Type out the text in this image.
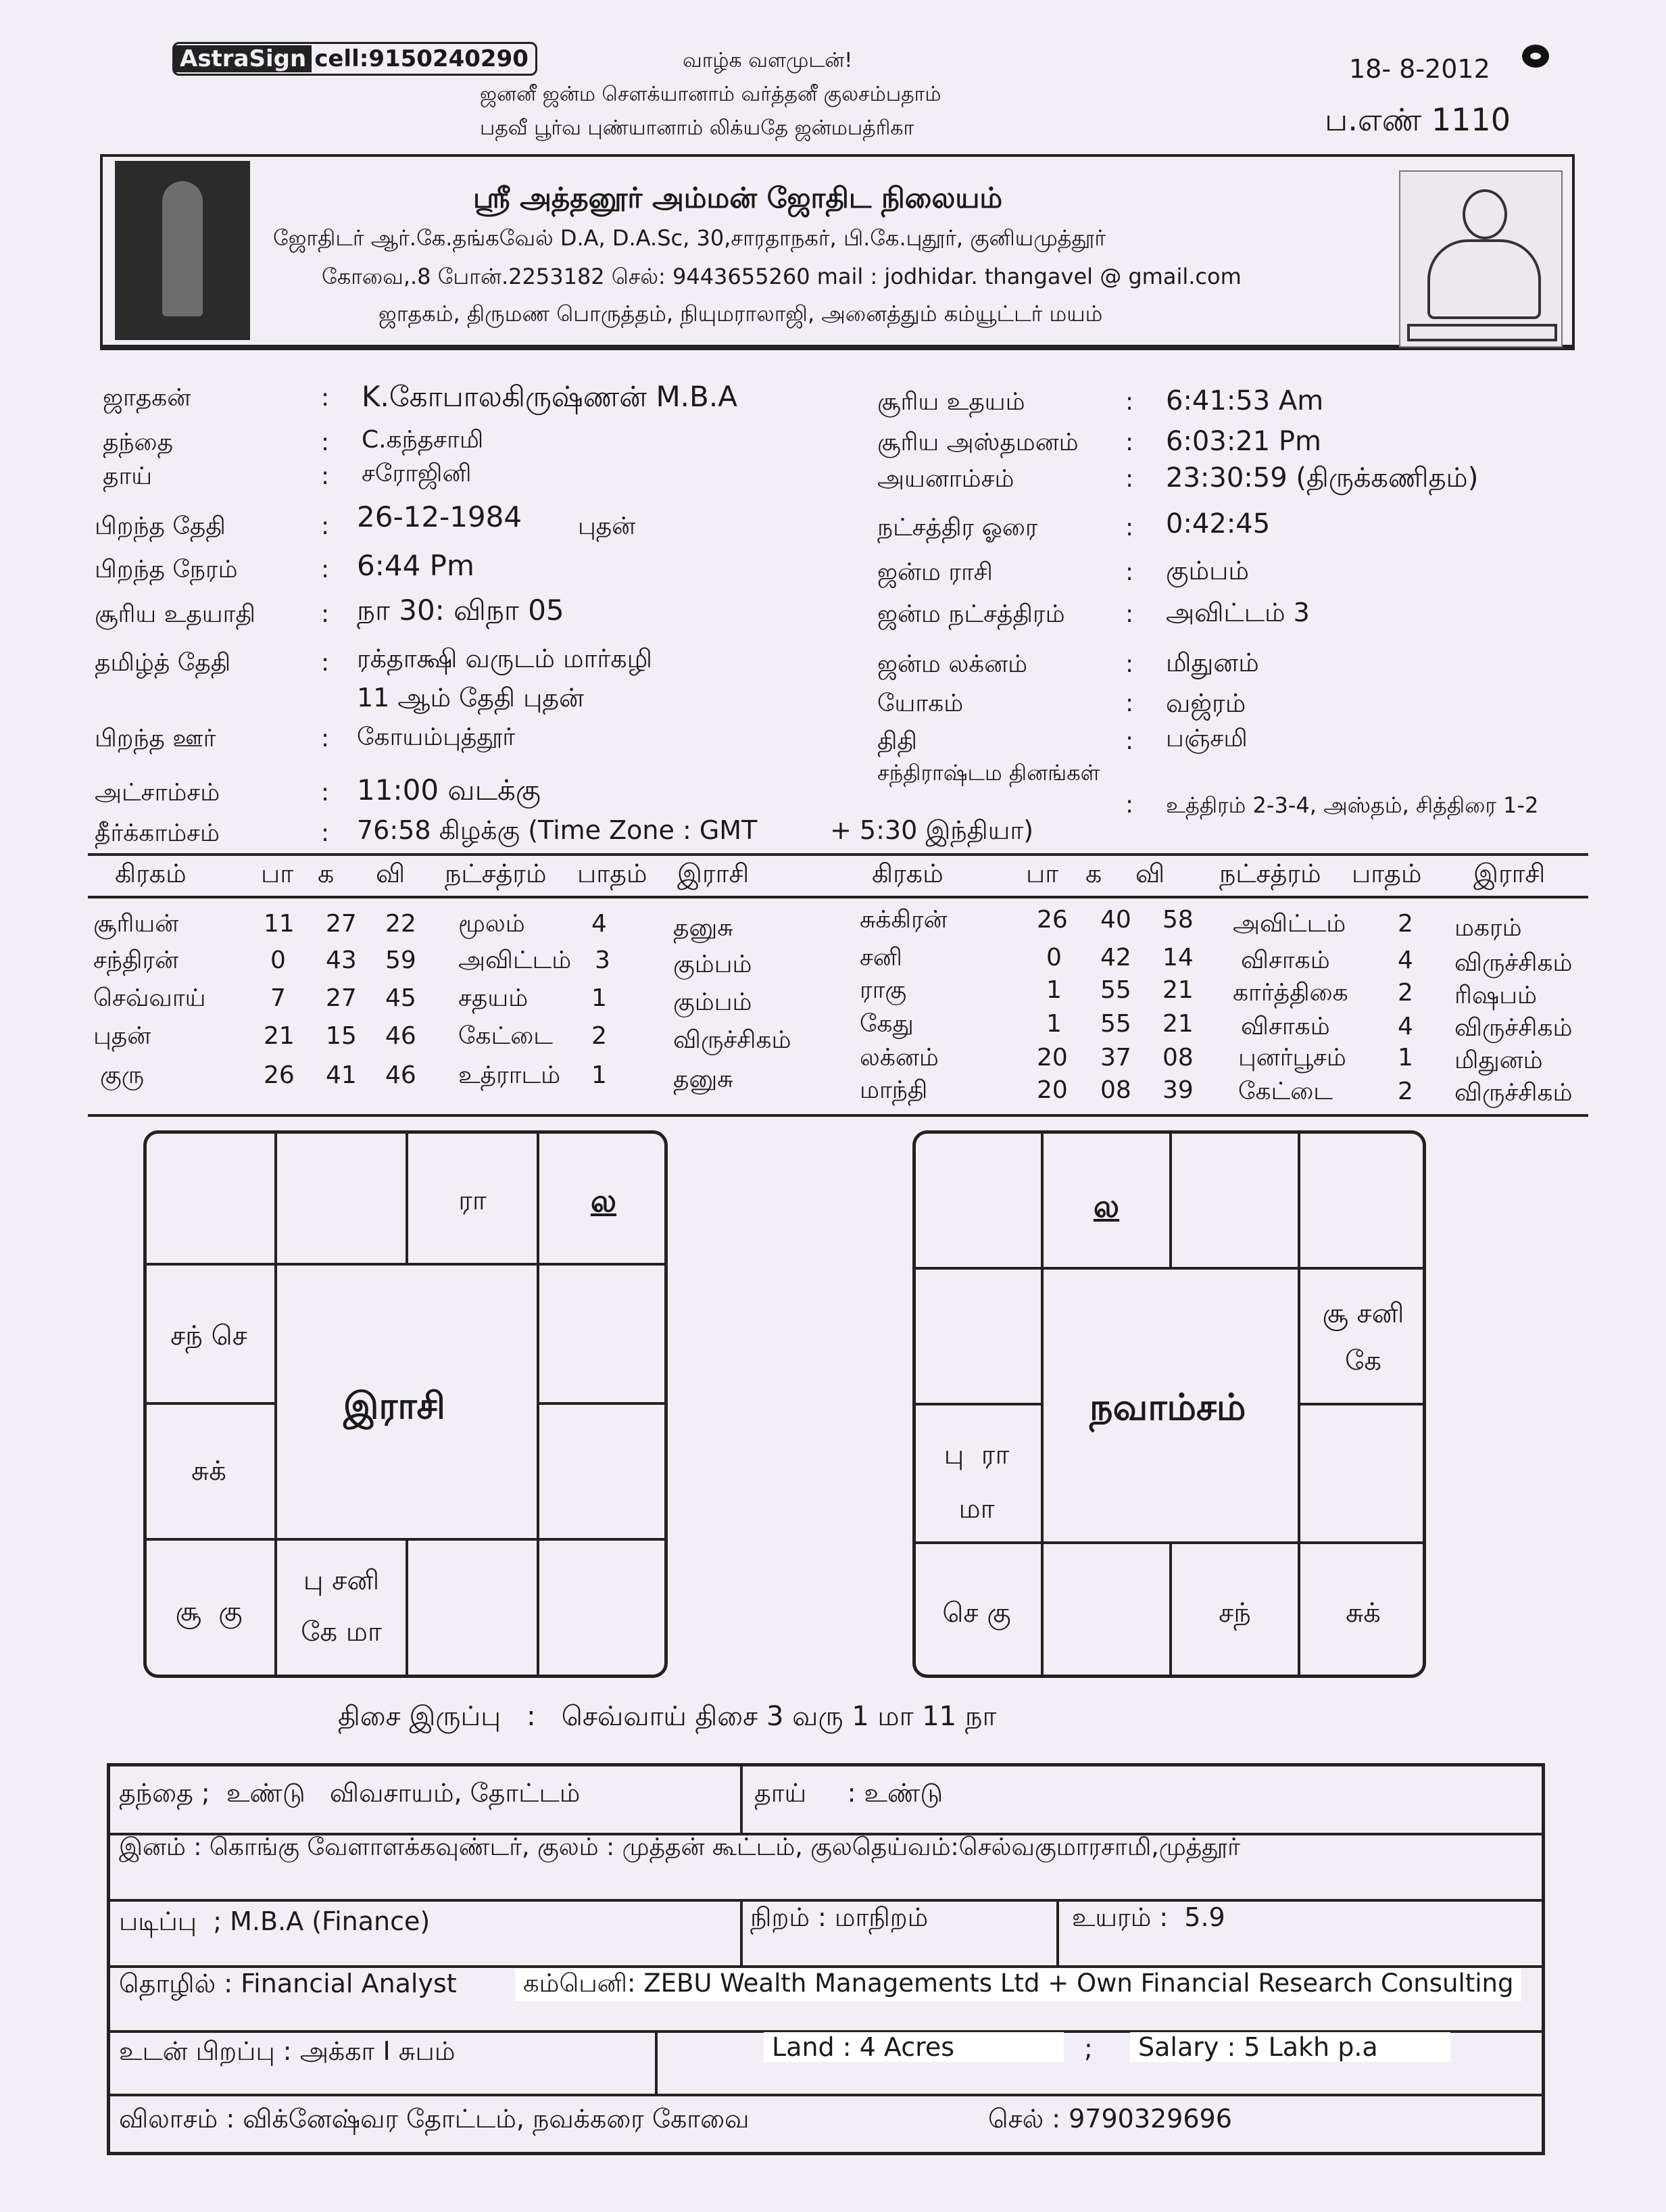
AstraSign cell:9150240290	வாழ்க வளமுடன்!
ஜனனீ ஜன்ம சௌக்யானாம் வர்த்தனீ குலசம்பதாம்
பதவீ பூர்வ புண்யானாம் லிக்யதே ஜன்மபத்ரிகா
18- 8-2012
ப.எண் 1110
ஸ்ரீ அத்தனூர் அம்மன் ஜோதிட நிலையம்
ஜோதிடர் ஆர்.கே.தங்கவேல் D.A, D.A.Sc, 30,சாரதாநகர், பி.கே.புதூர், குனியமுத்தூர்
கோவை,.8 போன்.2253182 செல்: 9443655260 mail : jodhidar. thangavel @ gmail.com
ஜாதகம், திருமண பொருத்தம், நியுமராலாஜி, அனைத்தும் கம்யூட்டர் மயம்
ஜாதகன்	: K.கோபாலகிருஷ்ணன் M.B.A
தந்தை	: C.கந்தசாமி
தாய்	: சரோஜினி
பிறந்த தேதி	: 26-12-1984 புதன்
பிறந்த நேரம்	: 6:44 Pm
சூரிய உதயாதி	: நா 30: விநா 05
தமிழ்த் தேதி	: ரக்தாக்ஷி வருடம் மார்கழி
11 ஆம் தேதி புதன்
பிறந்த ஊர்	: கோயம்புத்தூர்
அட்சாம்சம்	: 11:00 வடக்கு
தீர்க்காம்சம்	: 76:58 கிழக்கு (Time Zone : GMT	+ 5:30 இந்தியா)
சூரிய உதயம்	: 6:41:53 Am
சூரிய அஸ்தமனம் : 6:03:21 Pm
அயனாம்சம்	: 23:30:59 (திருக்கணிதம்)
நட்சத்திர ஓரை	: 0:42:45
ஜன்ம ராசி	: கும்பம்
ஜன்ம நட்சத்திரம் : அவிட்டம் 3
ஜன்ம லக்னம்	: மிதுனம்
யோகம்	: வஜ்ரம்
திதி	: பஞ்சமி
சந்திராஷ்டம தினங்கள்
: உத்திரம் 2-3-4, அஸ்தம், சித்திரை 1-2
கிரகம்	பா க வி நட்சத்ரம் பாதம் இராசி	கிரகம்	பா க வி நட்சத்ரம் பாதம் இராசி
சூரியன்	11 27 22 மூலம்	4	தனுசு
சந்திரன்	0 43 59 அவிட்டம் 3	கும்பம்
செவ்வாய்	7 27 45 சதயம்	1	கும்பம்
புதன்	21 15 46 கேட்டை 2	விருச்சிகம்
குரு	26 41 46 உத்ராடம் 1	தனுசு
சுக்கிரன்	26 40 58 அவிட்டம் 2 மகரம்
சனி	0 42 14 விசாகம்	4 விருச்சிகம்
ராகு	1 55 21 கார்த்திகை 2 ரிஷபம்
கேது	1 55 21 விசாகம்	4 விருச்சிகம்
லக்னம்	20 37 08 புனர்பூசம் 1 மிதுனம்
மாந்தி	20 08 39 கேட்டை	2 விருச்சிகம்
ரா	ல
சந் செ
சுக்
சூ  கு
பு சனி
கே மா
இராசி
ல
சூ சனி
கே
பு  ரா
மா
செ கு	சந்	சுக்
நவாம்சம்
திசை இருப்பு   :   செவ்வாய் திசை 3 வரு 1 மா 11 நா
தந்தை ;  உண்டு   விவசாயம், தோட்டம்	தாய்     : உண்டு
இனம் : கொங்கு வேளாளக்கவுண்டர், குலம் : முத்தன் கூட்டம், குலதெய்வம்:செல்வகுமாரசாமி,முத்தூர்
படிப்பு  ; M.B.A (Finance)	நிறம் : மாநிறம்	உயரம் :  5.9
தொழில் : Financial Analyst	கம்பெனி: ZEBU Wealth Managements Ltd + Own Financial Research Consulting
உடன் பிறப்பு : அக்கா I சுபம்	Land : 4 Acres	;	Salary : 5 Lakh p.a
விலாசம் : விக்னேஷ்வர தோட்டம், நவக்கரை கோவை	செல் : 9790329696
